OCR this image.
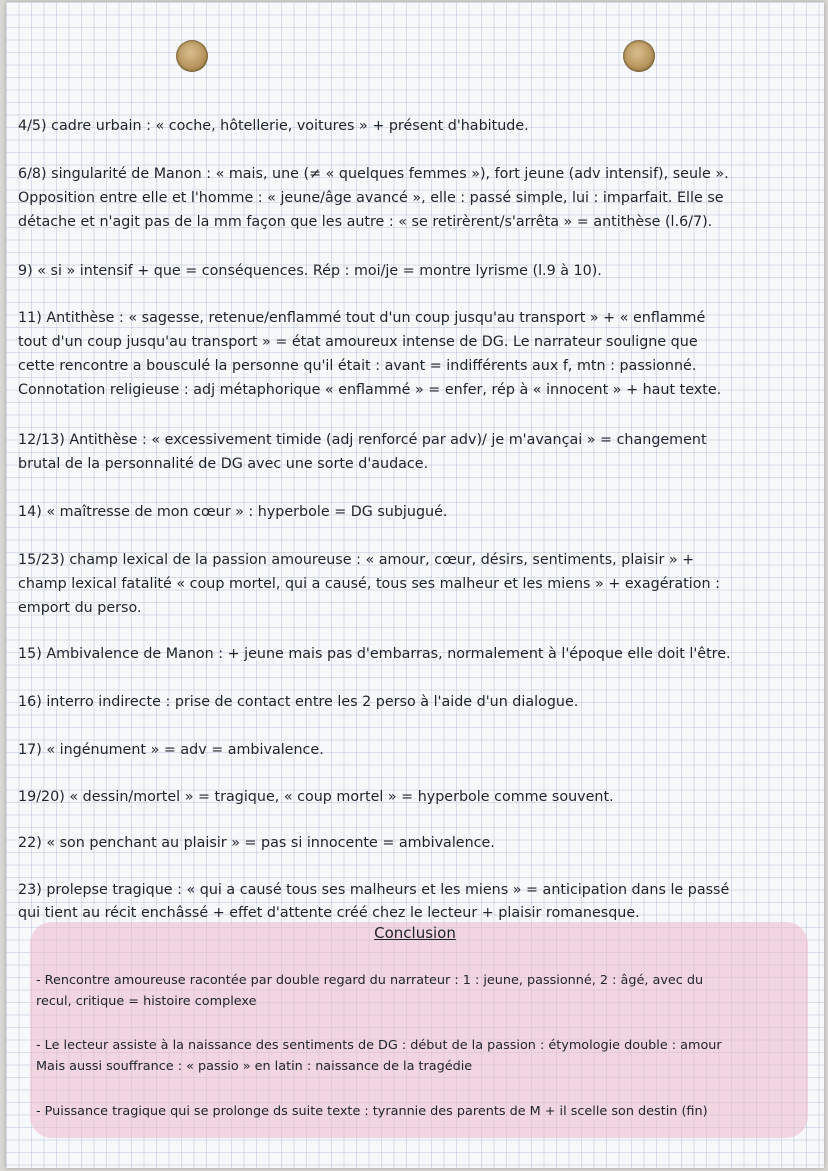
4/5) cadre urbain : « coche, hôtellerie, voitures » + présent d'habitude.
6/8) singularité de Manon : « mais, une (≠ « quelques femmes »), fort jeune (adv intensif), seule ».
Opposition entre elle et l'homme : « jeune/âge avancé », elle : passé simple, lui : imparfait. Elle se
détache et n'agit pas de la mm façon que les autre : « se retirèrent/s'arrêta » = antithèse (l.6/7).
9) « si » intensif + que = conséquences. Rép : moi/je = montre lyrisme (l.9 à 10).
11) Antithèse : « sagesse, retenue/enflammé tout d'un coup jusqu'au transport » + « enflammé
tout d'un coup jusqu'au transport » = état amoureux intense de DG. Le narrateur souligne que
cette rencontre a bousculé la personne qu'il était : avant = indifférents aux f, mtn : passionné.
Connotation religieuse : adj métaphorique « enflammé » = enfer, rép à « innocent » + haut texte.
12/13) Antithèse : « excessivement timide (adj renforcé par adv)/ je m'avançai » = changement
brutal de la personnalité de DG avec une sorte d'audace.
14) « maîtresse de mon cœur » : hyperbole = DG subjugué.
15/23) champ lexical de la passion amoureuse : « amour, cœur, désirs, sentiments, plaisir » +
champ lexical fatalité « coup mortel, qui a causé, tous ses malheur et les miens » + exagération :
emport du perso.
15) Ambivalence de Manon : + jeune mais pas d'embarras, normalement à l'époque elle doit l'être.
16) interro indirecte : prise de contact entre les 2 perso à l'aide d'un dialogue.
17) « ingénument » = adv = ambivalence.
19/20) « dessin/mortel » = tragique, « coup mortel » = hyperbole comme souvent.
22) « son penchant au plaisir » = pas si innocente = ambivalence.
23) prolepse tragique : « qui a causé tous ses malheurs et les miens » = anticipation dans le passé
qui tient au récit enchâssé + effet d'attente créé chez le lecteur + plaisir romanesque.
Conclusion
- Rencontre amoureuse racontée par double regard du narrateur : 1 : jeune, passionné, 2 : âgé, avec du
recul, critique = histoire complexe
- Le lecteur assiste à la naissance des sentiments de DG : début de la passion : étymologie double : amour
Mais aussi souffrance : « passio » en latin : naissance de la tragédie
- Puissance tragique qui se prolonge ds suite texte : tyrannie des parents de M + il scelle son destin (fin)
